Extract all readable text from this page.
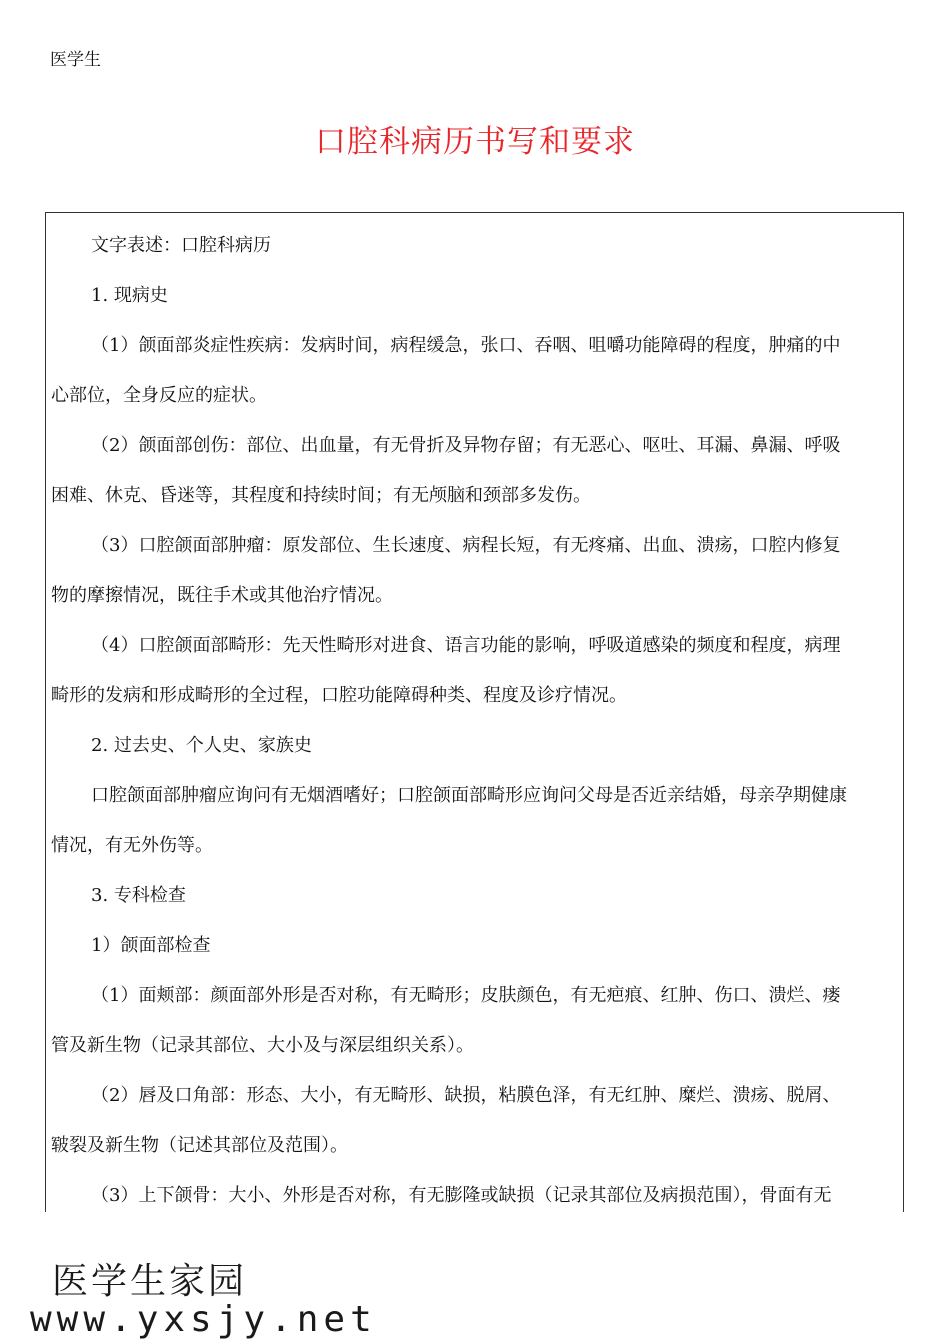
医学生
口腔科病历书写和要求

文字表述：口腔科病历

1. 现病史

（1）颌面部炎症性疾病：发病时间，病程缓急，张口、吞咽、咀嚼功能障碍的程度，肿痛的中

心部位，全身反应的症状。

（2）颌面部创伤：部位、出血量，有无骨折及异物存留；有无恶心、呕吐、耳漏、鼻漏、呼吸

困难、休克、昏迷等，其程度和持续时间；有无颅脑和颈部多发伤。

（3）口腔颌面部肿瘤：原发部位、生长速度、病程长短，有无疼痛、出血、溃疡，口腔内修复

物的摩擦情况，既往手术或其他治疗情况。

（4）口腔颌面部畸形：先天性畸形对进食、语言功能的影响，呼吸道感染的频度和程度，病理

畸形的发病和形成畸形的全过程，口腔功能障碍种类、程度及诊疗情况。

2. 过去史、个人史、家族史

口腔颌面部肿瘤应询问有无烟酒嗜好；口腔颌面部畸形应询问父母是否近亲结婚，母亲孕期健康

情况，有无外伤等。

3. 专科检查

1）颌面部检查

（1）面颊部：颜面部外形是否对称，有无畸形；皮肤颜色，有无疤痕、红肿、伤口、溃烂、瘘

管及新生物（记录其部位、大小及与深层组织关系）。

（2）唇及口角部：形态、大小，有无畸形、缺损，粘膜色泽，有无红肿、糜烂、溃疡、脱屑、

皲裂及新生物（记述其部位及范围）。

（3）上下颌骨：大小、外形是否对称，有无膨隆或缺损（记录其部位及病损范围），骨面有无

医学生家园
www.yxsjy.net
